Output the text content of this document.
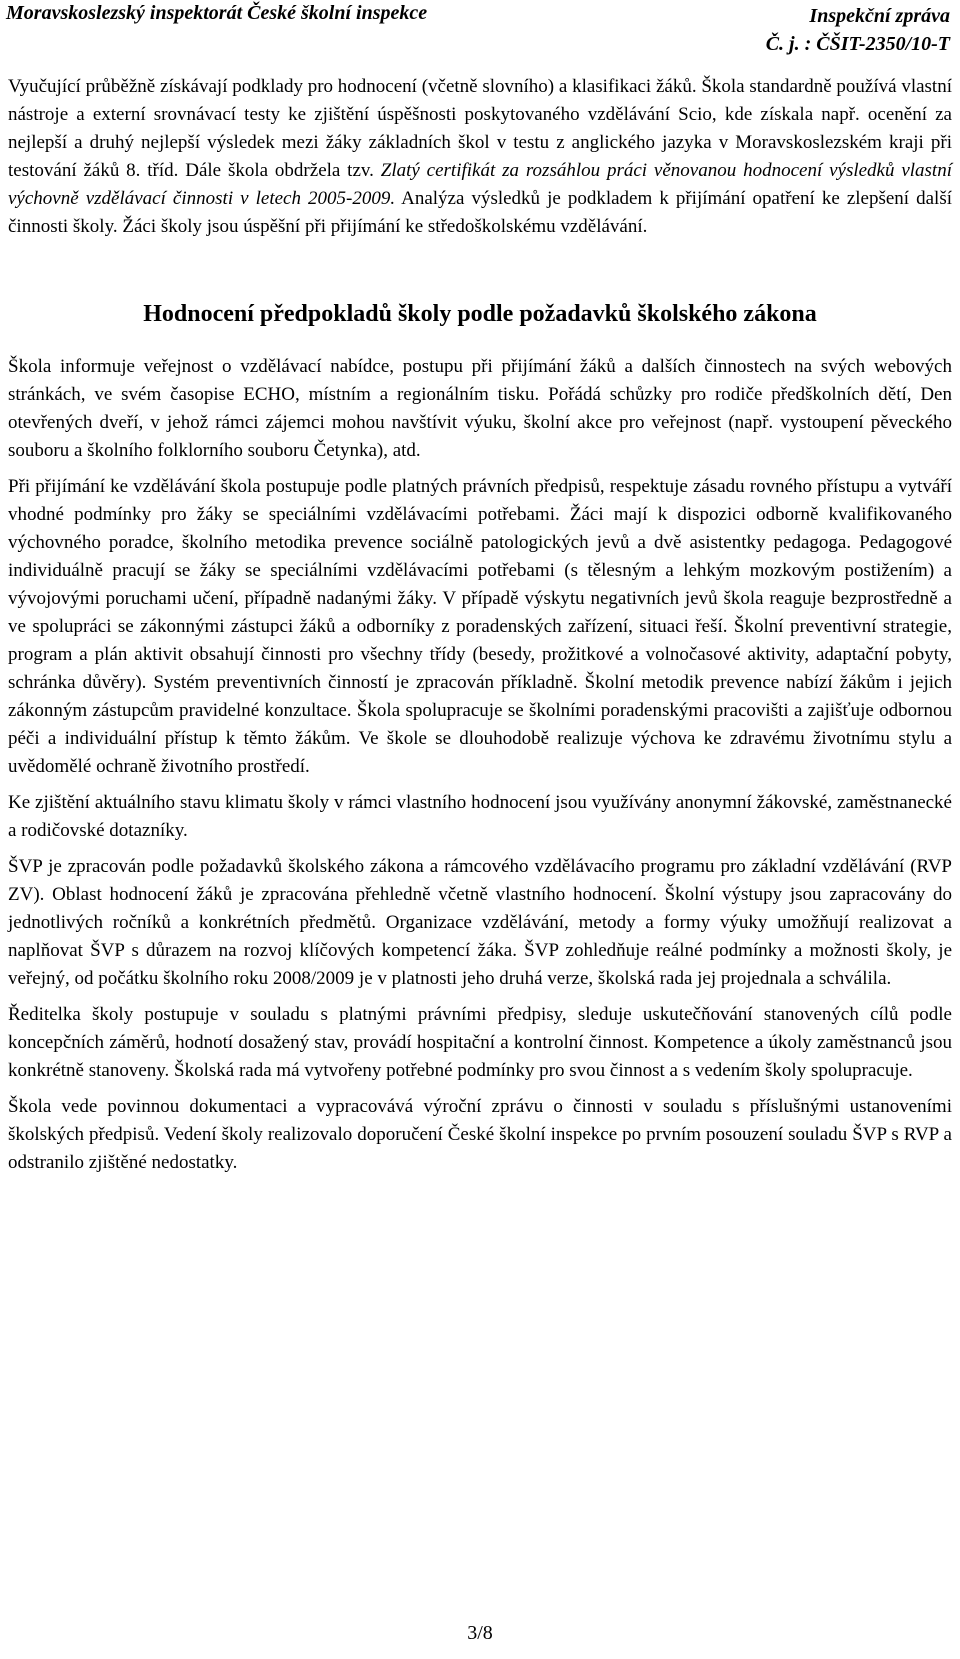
Moravskoslezský inspektorát České školní inspekce	Inspekční zpráva
Č. j. : ČŠIT-2350/10-T

Vyučující průběžně získávají podklady pro hodnocení (včetně slovního) a klasifikaci žáků. Škola standardně používá vlastní nástroje a externí srovnávací testy ke zjištění úspěšnosti poskytovaného vzdělávání Scio, kde získala např. ocenění za nejlepší a druhý nejlepší výsledek mezi žáky základních škol v testu z anglického jazyka v Moravskoslezském kraji při testování žáků 8. tříd. Dále škola obdržela tzv. Zlatý certifikát za rozsáhlou práci věnovanou hodnocení výsledků vlastní výchovně vzdělávací činnosti v letech 2005-2009. Analýza výsledků je podkladem k přijímání opatření ke zlepšení další činnosti školy. Žáci školy jsou úspěšní při přijímání ke středoškolskému vzdělávání.

Hodnocení předpokladů školy podle požadavků školského zákona

Škola informuje veřejnost o vzdělávací nabídce, postupu při přijímání žáků a dalších činnostech na svých webových stránkách, ve svém časopise ECHO, místním a regionálním tisku. Pořádá schůzky pro rodiče předškolních dětí, Den otevřených dveří, v jehož rámci zájemci mohou navštívit výuku, školní akce pro veřejnost (např. vystoupení pěveckého souboru a školního folklorního souboru Četynka), atd.

Při přijímání ke vzdělávání škola postupuje podle platných právních předpisů, respektuje zásadu rovného přístupu a vytváří vhodné podmínky pro žáky se speciálními vzdělávacími potřebami. Žáci mají k dispozici odborně kvalifikovaného výchovného poradce, školního metodika prevence sociálně patologických jevů a dvě asistentky pedagoga. Pedagogové individuálně pracují se žáky se speciálními vzdělávacími potřebami (s tělesným a lehkým mozkovým postižením) a vývojovými poruchami učení, případně nadanými žáky. V případě výskytu negativních jevů škola reaguje bezprostředně a ve spolupráci se zákonnými zástupci žáků a odborníky z poradenských zařízení, situaci řeší. Školní preventivní strategie, program a plán aktivit obsahují činnosti pro všechny třídy (besedy, prožitkové a volnočasové aktivity, adaptační pobyty, schránka důvěry). Systém preventivních činností je zpracován příkladně. Školní metodik prevence nabízí žákům i jejich zákonným zástupcům pravidelné konzultace. Škola spolupracuje se školními poradenskými pracovišti a zajišťuje odbornou péči a individuální přístup k těmto žákům. Ve škole se dlouhodobě realizuje výchova ke zdravému životnímu stylu a uvědomělé ochraně životního prostředí.

Ke zjištění aktuálního stavu klimatu školy v rámci vlastního hodnocení jsou využívány anonymní žákovské, zaměstnanecké a rodičovské dotazníky.

ŠVP je zpracován podle požadavků školského zákona a rámcového vzdělávacího programu pro základní vzdělávání (RVP ZV). Oblast hodnocení žáků je zpracována přehledně včetně vlastního hodnocení. Školní výstupy jsou zapracovány do jednotlivých ročníků a konkrétních předmětů. Organizace vzdělávání, metody a formy výuky umožňují realizovat a naplňovat ŠVP s důrazem na rozvoj klíčových kompetencí žáka. ŠVP zohledňuje reálné podmínky a možnosti školy, je veřejný, od počátku školního roku 2008/2009 je v platnosti jeho druhá verze, školská rada jej projednala a schválila.

Ředitelka školy postupuje v souladu s platnými právními předpisy, sleduje uskutečňování stanovených cílů podle koncepčních záměrů, hodnotí dosažený stav, provádí hospitační a kontrolní činnost. Kompetence a úkoly zaměstnanců jsou konkrétně stanoveny. Školská rada má vytvořeny potřebné podmínky pro svou činnost a s vedením školy spolupracuje.

Škola vede povinnou dokumentaci a vypracovává výroční zprávu o činnosti v souladu s příslušnými ustanoveními školských předpisů. Vedení školy realizovalo doporučení České školní inspekce po prvním posouzení souladu ŠVP s RVP a odstranilo zjištěné nedostatky.

3/8
